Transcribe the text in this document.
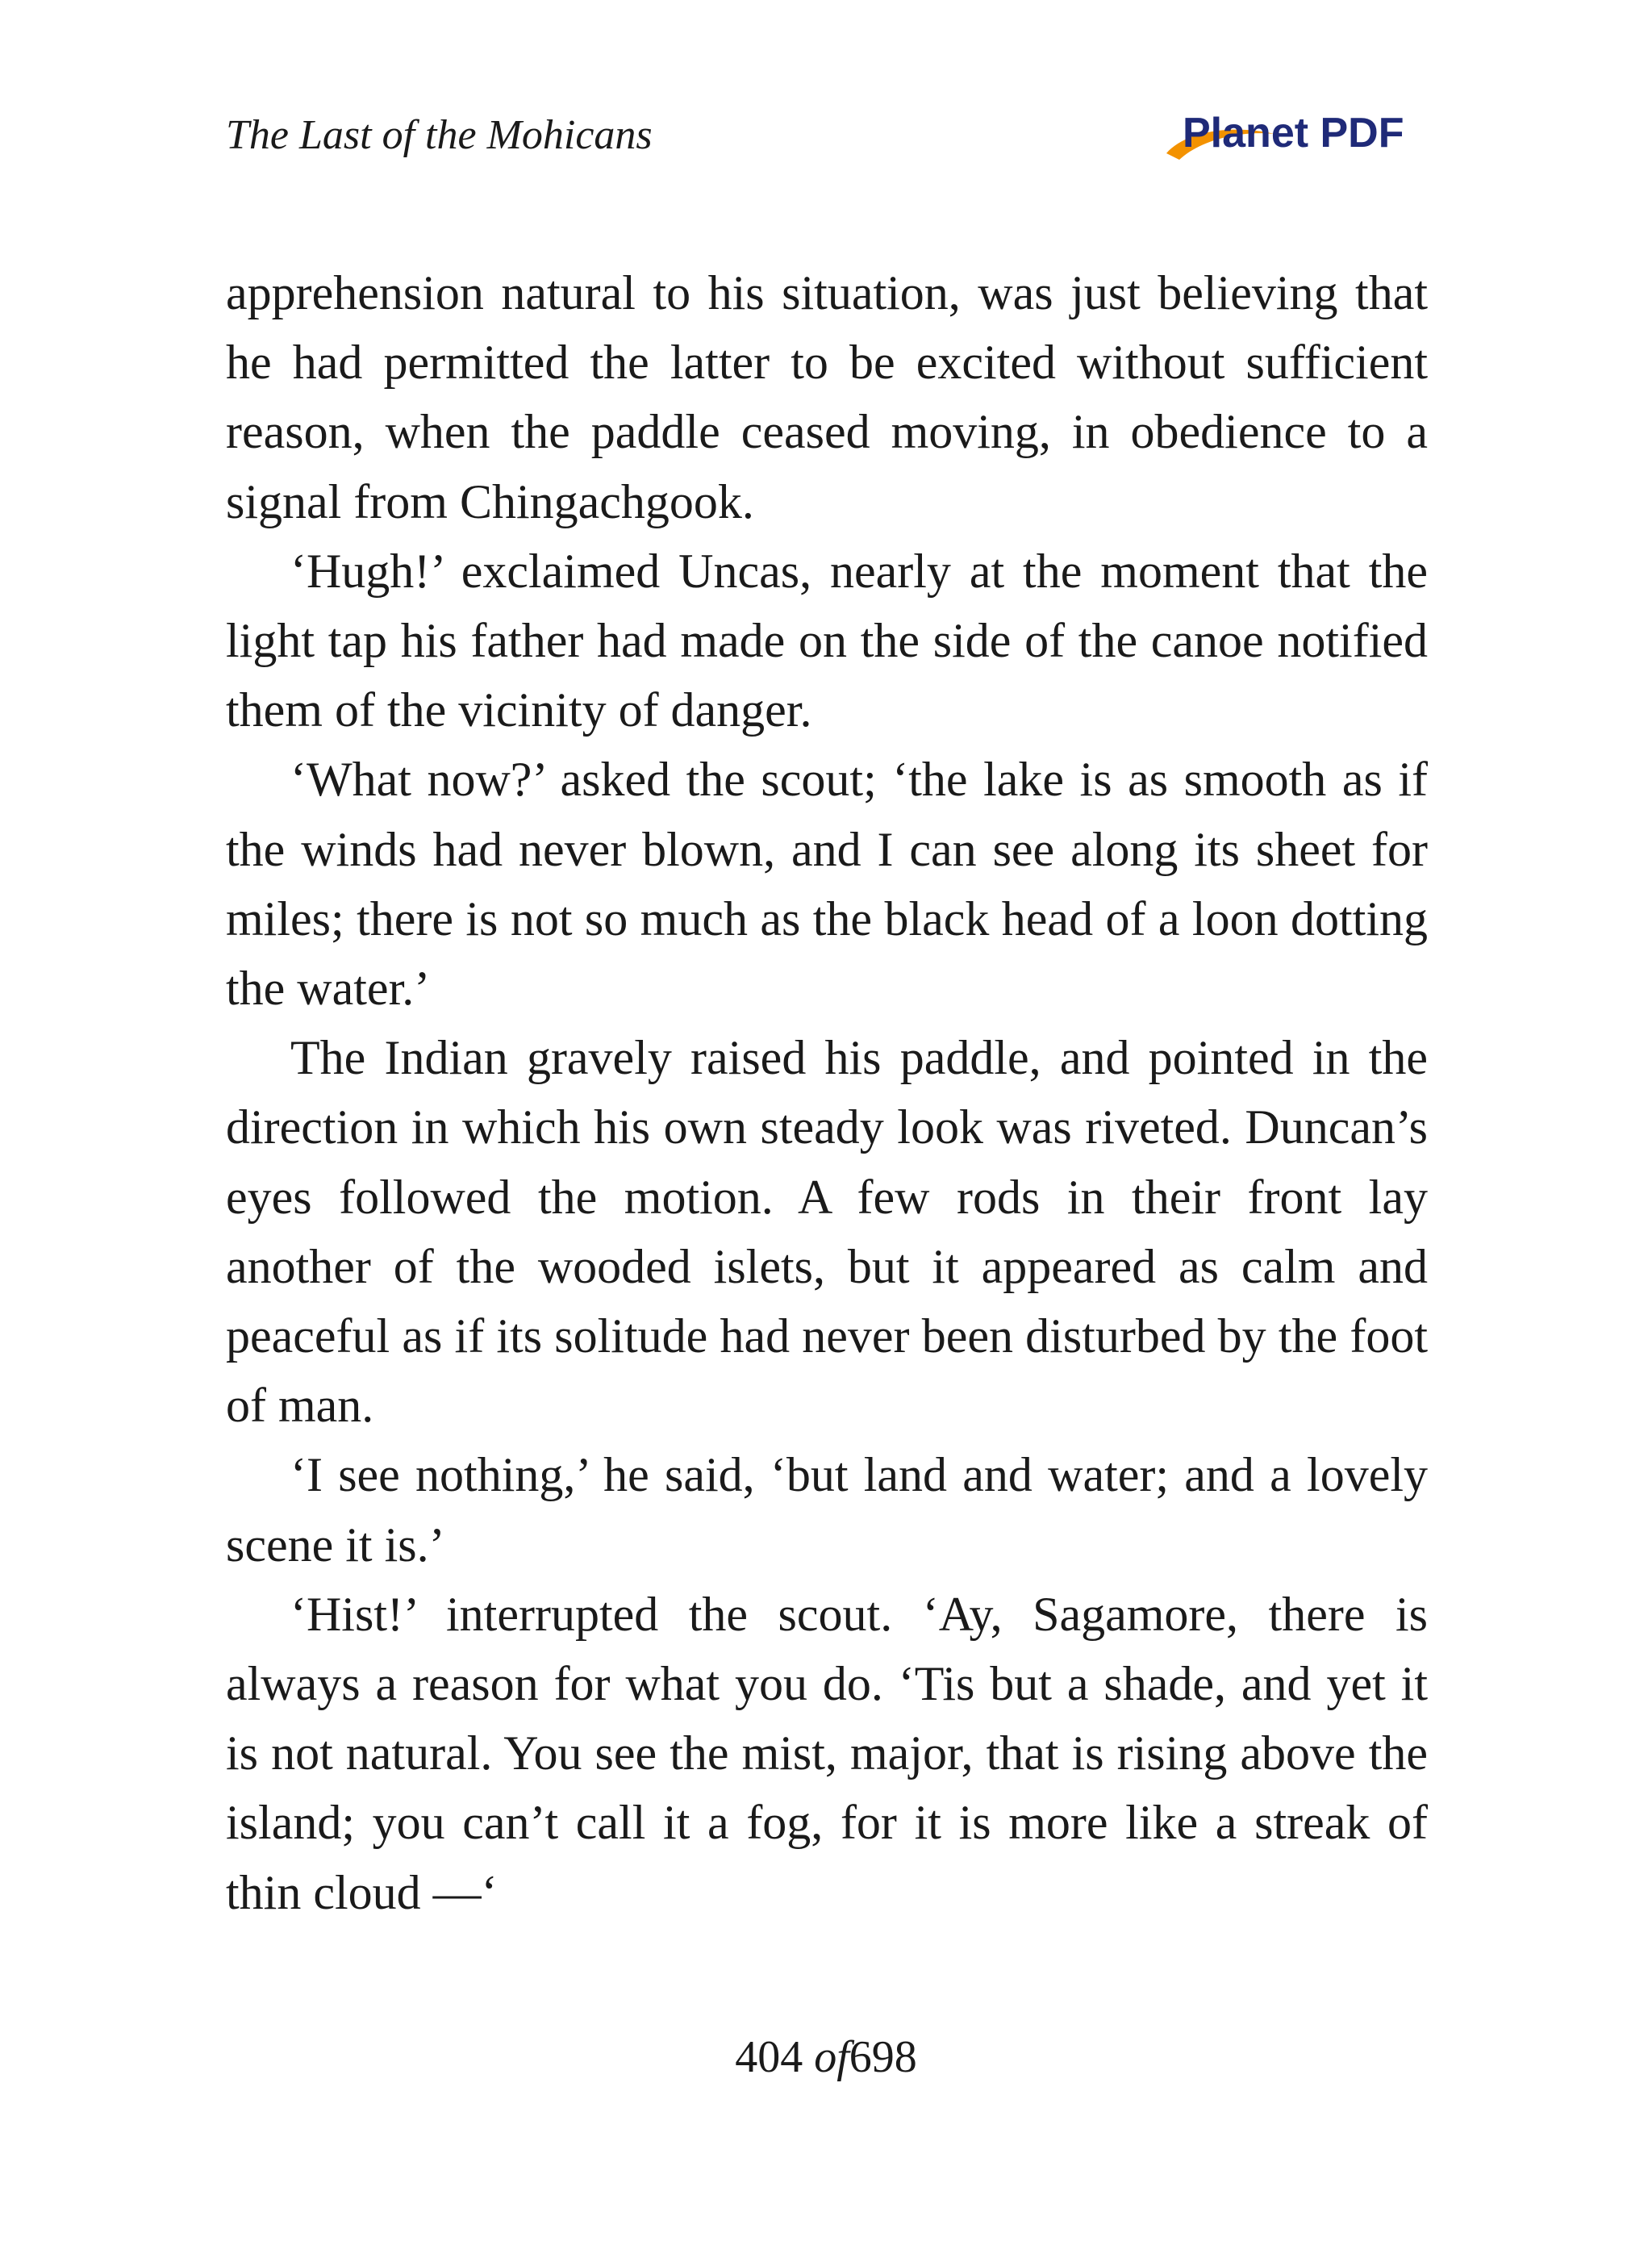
The Last of the Mohicans	Planet PDF

apprehension natural to his situation, was just believing that he had permitted the latter to be excited without sufficient reason, when the paddle ceased moving, in obedience to a signal from Chingachgook.

‘Hugh!’ exclaimed Uncas, nearly at the moment that the light tap his father had made on the side of the canoe notified them of the vicinity of danger.

‘What now?’ asked the scout; ‘the lake is as smooth as if the winds had never blown, and I can see along its sheet for miles; there is not so much as the black head of a loon dotting the water.’

The Indian gravely raised his paddle, and pointed in the direction in which his own steady look was riveted. Duncan’s eyes followed the motion. A few rods in their front lay another of the wooded islets, but it appeared as calm and peaceful as if its solitude had never been disturbed by the foot of man.

‘I see nothing,’ he said, ‘but land and water; and a lovely scene it is.’

‘Hist!’ interrupted the scout. ‘Ay, Sagamore, there is always a reason for what you do. ‘Tis but a shade, and yet it is not natural. You see the mist, major, that is rising above the island; you can’t call it a fog, for it is more like a streak of thin cloud —‘

404 of698
